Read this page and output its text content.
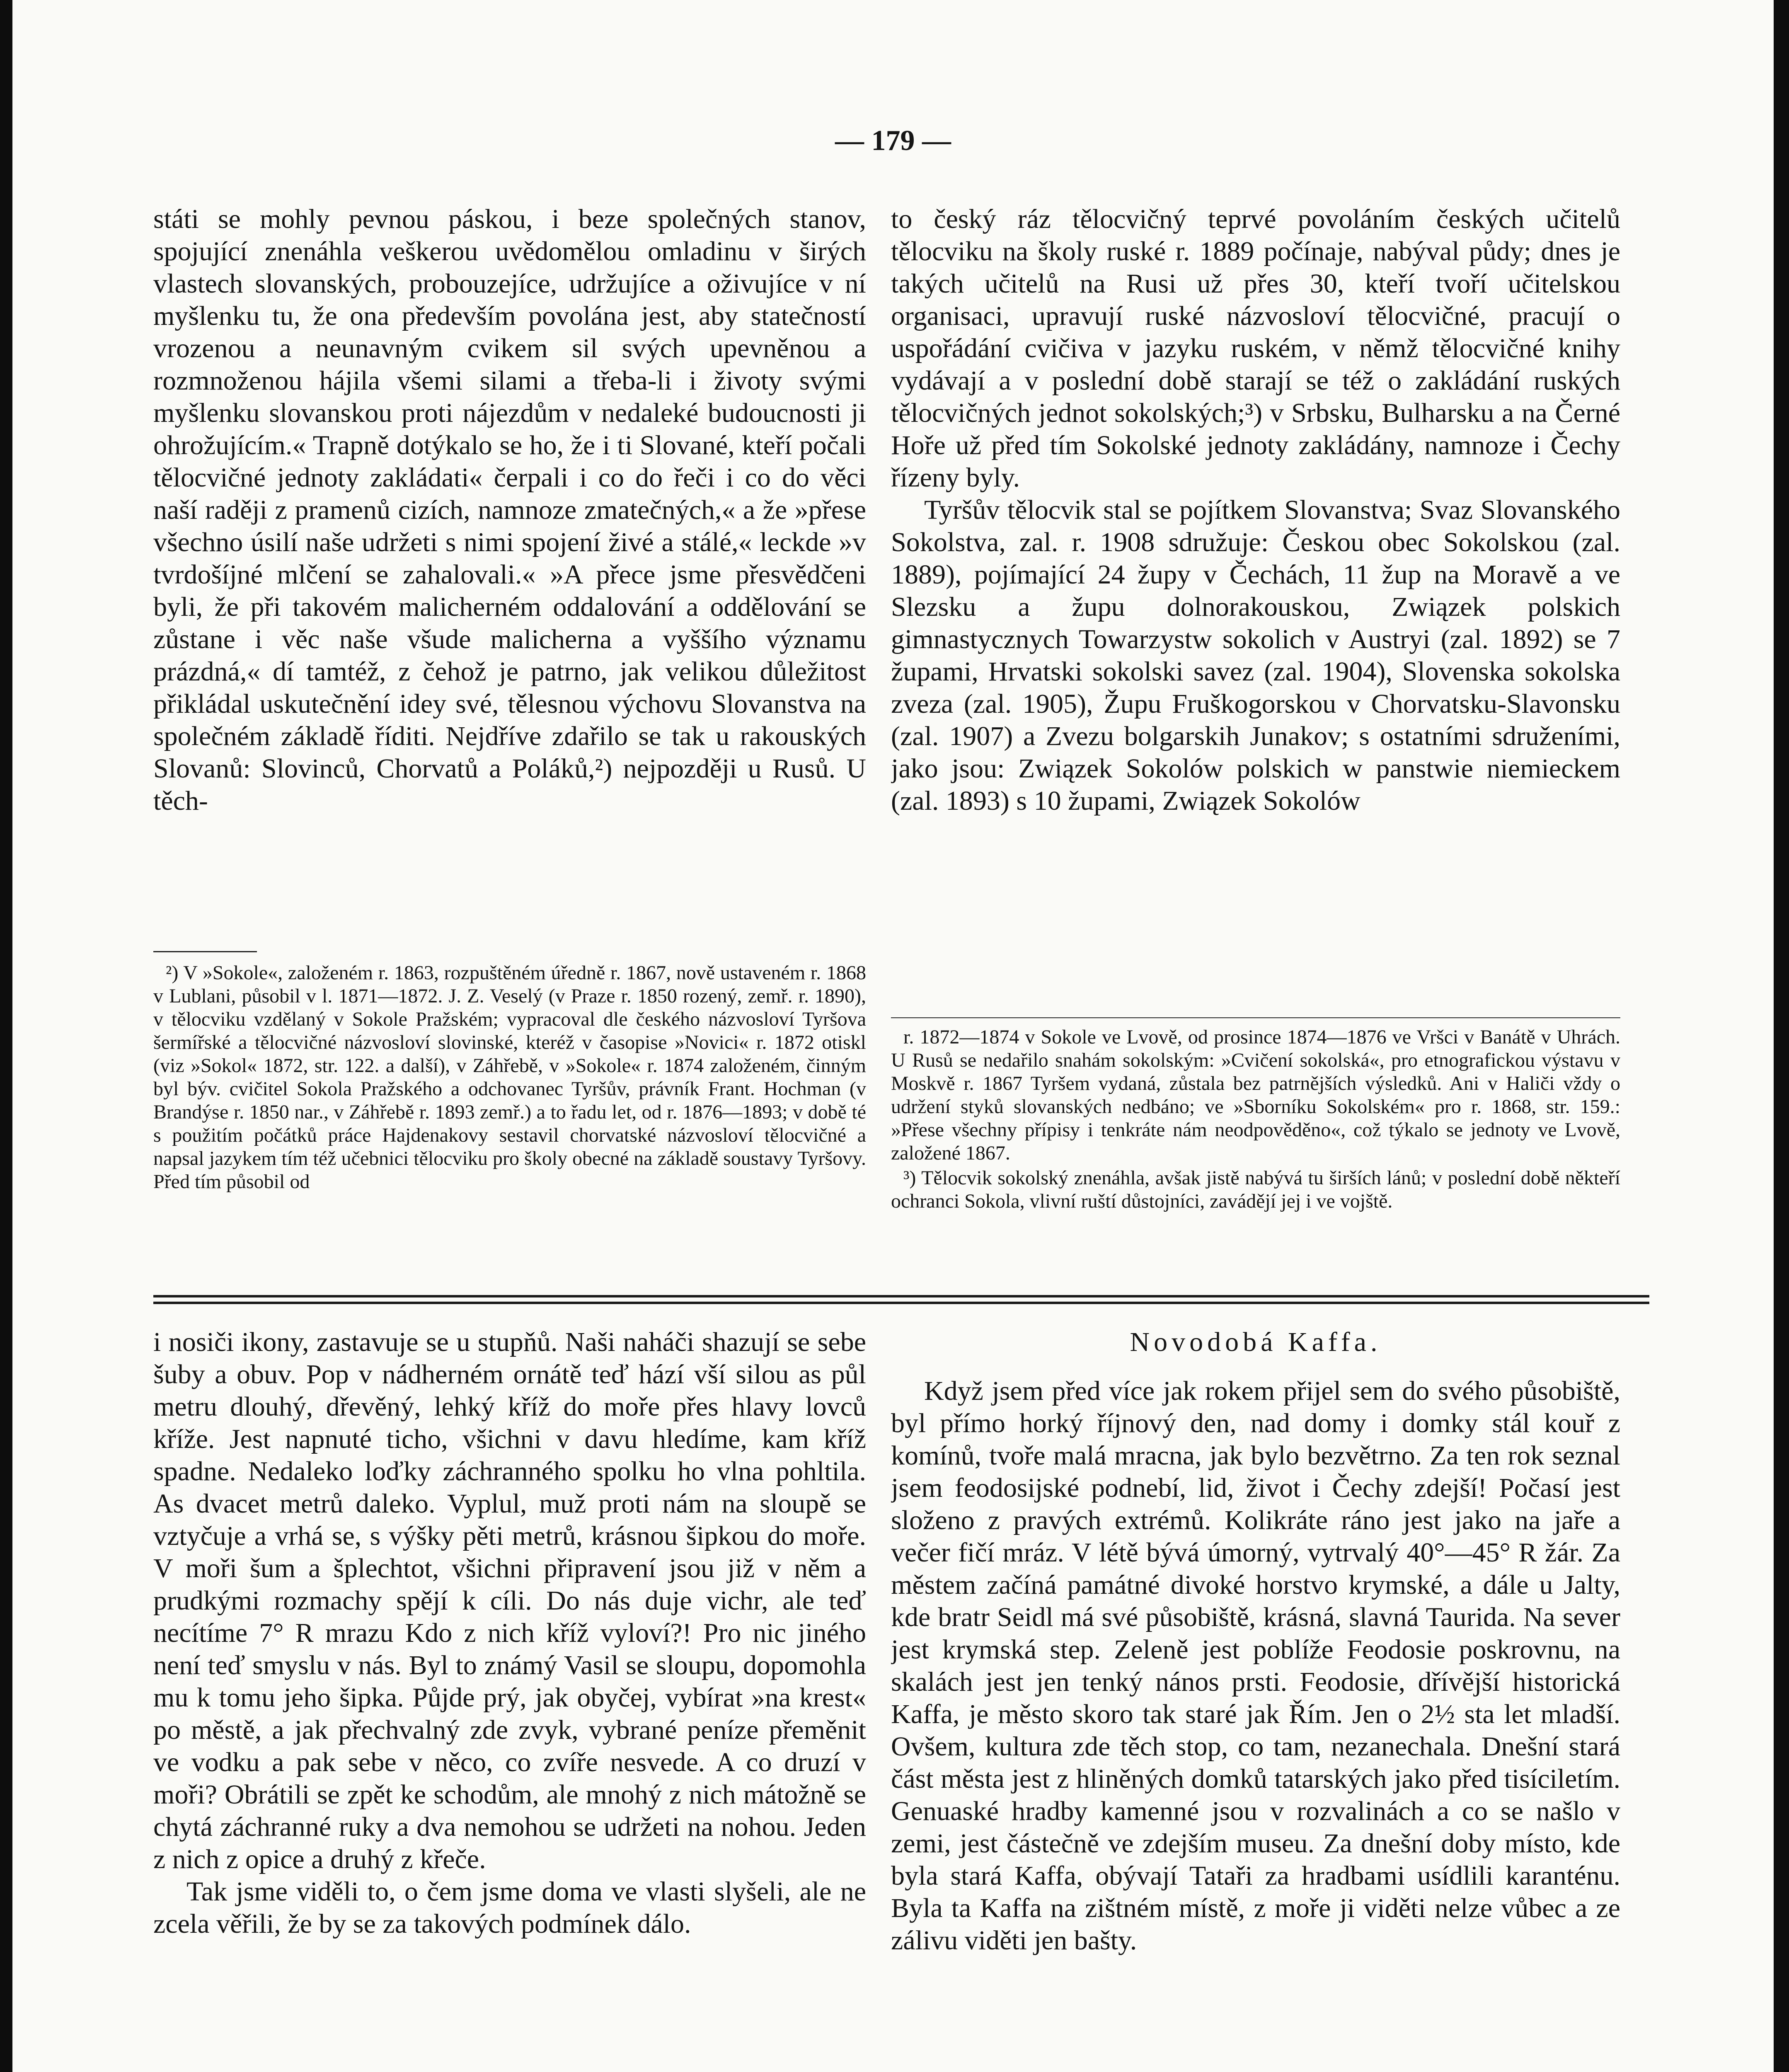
— 179 —

státi se mohly pevnou páskou, i beze společných stanov, spojující znenáhla veškerou uvědomělou omladinu v širých vlastech slovanských, probouzejíce, udržujíce a oživujíce v ní myšlenku tu, že ona především povolána jest, aby statečností vrozenou a neunavným cvikem sil svých upevněnou a rozmnoženou hájila všemi silami a třeba-li i životy svými myšlenku slovanskou proti nájezdům v nedaleké budoucnosti ji ohrožujícím.« Trapně dotýkalo se ho, že i ti Slované, kteří počali tělocvičné jednoty zakládati« čerpali i co do řeči i co do věci naší raději z pramenů cizích, namnoze zmatečných,« a že »přese všechno úsilí naše udržeti s nimi spojení živé a stálé,« leckde »v tvrdošíjné mlčení se zahalovali.« »A přece jsme přesvědčeni byli, že při takovém malicherném oddalování a oddělování se zůstane i věc naše všude malicherna a vyššího významu prázdná,« dí tamtéž, z čehož je patrno, jak velikou důležitost přikládal uskutečnění idey své, tělesnou výchovu Slovanstva na společném základě říditi. Nejdříve zdařilo se tak u rakouských Slovanů: Slovinců, Chorvatů a Poláků,²) nejpozději u Rusů. U těch-

²) V »Sokole«, založeném r. 1863, rozpuštěném úředně r. 1867, nově ustaveném r. 1868 v Lublani, působil v l. 1871—1872. J. Z. Veselý (v Praze r. 1850 rozený, zemř. r. 1890), v tělocviku vzdělaný v Sokole Pražském; vypracoval dle českého názvosloví Tyršova šermířské a tělocvičné názvosloví slovinské, kteréž v časopise »Novici« r. 1872 otiskl (viz »Sokol« 1872, str. 122. a další), v Záhřebě, v »Sokole« r. 1874 založeném, činným byl býv. cvičitel Sokola Pražského a odchovanec Tyršův, právník Frant. Hochman (v Brandýse r. 1850 nar., v Záhřebě r. 1893 zemř.) a to řadu let, od r. 1876—1893; v době té s použitím počátků práce Hajdenakovy sestavil chorvatské názvosloví tělocvičné a napsal jazykem tím též učebnici tělocviku pro školy obecné na základě soustavy Tyršovy. Před tím působil od

to český ráz tělocvičný teprvé povoláním českých učitelů tělocviku na školy ruské r. 1889 počínaje, nabýval půdy; dnes je takých učitelů na Rusi už přes 30, kteří tvoří učitelskou organisaci, upravují ruské názvosloví tělocvičné, pracují o uspořádání cvičiva v jazyku ruském, v němž tělocvičné knihy vydávají a v poslední době starají se též o zakládání ruských tělocvičných jednot sokolských;³) v Srbsku, Bulharsku a na Černé Hoře už před tím Sokolské jednoty zakládány, namnoze i Čechy řízeny byly.

Tyršův tělocvik stal se pojítkem Slovanstva; Svaz Slovanského Sokolstva, zal. r. 1908 sdružuje: Českou obec Sokolskou (zal. 1889), pojímající 24 župy v Čechách, 11 žup na Moravě a ve Slezsku a župu dolnorakouskou, Związek polskich gimnastycznych Towarzystw sokolich v Austryi (zal. 1892) se 7 župami, Hrvatski sokolski savez (zal. 1904), Slovenska sokolska zveza (zal. 1905), Župu Fruškogorskou v Chorvatsku-Slavonsku (zal. 1907) a Zvezu bolgarskih Junakov; s ostatními sdruženími, jako jsou: Związek Sokolów polskich w panstwie niemieckem (zal. 1893) s 10 župami, Związek Sokolów

r. 1872—1874 v Sokole ve Lvově, od prosince 1874—1876 ve Vršci v Banátě v Uhrách. U Rusů se nedařilo snahám sokolským: »Cvičení sokolská«, pro etnografickou výstavu v Moskvě r. 1867 Tyršem vydaná, zůstala bez patrnějších výsledků. Ani v Haliči vždy o udržení styků slovanských nedbáno; ve »Sborníku Sokolském« pro r. 1868, str. 159.: »Přese všechny přípisy i tenkráte nám neodpověděno«, což týkalo se jednoty ve Lvově, založené 1867.

³) Tělocvik sokolský znenáhla, avšak jistě nabývá tu širších lánů; v poslední době někteří ochranci Sokola, vlivní ruští důstojníci, zavádějí jej i ve vojště.

i nosiči ikony, zastavuje se u stupňů. Naši naháči shazují se sebe šuby a obuv. Pop v nádherném ornátě teď hází vší silou as půl metru dlouhý, dřevěný, lehký kříž do moře přes hlavy lovců kříže. Jest napnuté ticho, všichni v davu hledíme, kam kříž spadne. Nedaleko loďky záchranného spolku ho vlna pohltila. As dvacet metrů daleko. Vyplul, muž proti nám na sloupě se vztyčuje a vrhá se, s výšky pěti metrů, krásnou šipkou do moře. V moři šum a šplechtot, všichni připravení jsou již v něm a prudkými rozmachy spějí k cíli. Do nás duje vichr, ale teď necítíme 7° R mrazu Kdo z nich kříž vyloví?! Pro nic jiného není teď smyslu v nás. Byl to známý Vasil se sloupu, dopomohla mu k tomu jeho šipka. Půjde prý, jak obyčej, vybírat »na krest« po městě, a jak přechvalný zde zvyk, vybrané peníze přeměnit ve vodku a pak sebe v něco, co zvíře nesvede. A co druzí v moři? Obrátili se zpět ke schodům, ale mnohý z nich mátožně se chytá záchranné ruky a dva nemohou se udržeti na nohou. Jeden z nich z opice a druhý z křeče.

Tak jsme viděli to, o čem jsme doma ve vlasti slyšeli, ale ne zcela věřili, že by se za takových podmínek dálo.

Novodobá Kaffa.

Když jsem před více jak rokem přijel sem do svého působiště, byl přímo horký říjnový den, nad domy i domky stál kouř z komínů, tvoře malá mracna, jak bylo bezvětrno. Za ten rok seznal jsem feodosijské podnebí, lid, život i Čechy zdejší! Počasí jest složeno z pravých extrémů. Kolikráte ráno jest jako na jaře a večer fičí mráz. V létě bývá úmorný, vytrvalý 40°—45° R žár. Za městem začíná památné divoké horstvo krymské, a dále u Jalty, kde bratr Seidl má své působiště, krásná, slavná Taurida. Na sever jest krymská step. Zeleně jest poblíže Feodosie poskrovnu, na skalách jest jen tenký nános prsti. Feodosie, dřívější historická Kaffa, je město skoro tak staré jak Řím. Jen o 2½ sta let mladší. Ovšem, kultura zde těch stop, co tam, nezanechala. Dnešní stará část města jest z hliněných domků tatarských jako před tisíciletím. Genuaské hradby kamenné jsou v rozvalinách a co se našlo v zemi, jest částečně ve zdejším museu. Za dnešní doby místo, kde byla stará Kaffa, obývají Tataři za hradbami usídlili karanténu. Byla ta Kaffa na zištném místě, z moře ji viděti nelze vůbec a ze zálivu viděti jen bašty.
